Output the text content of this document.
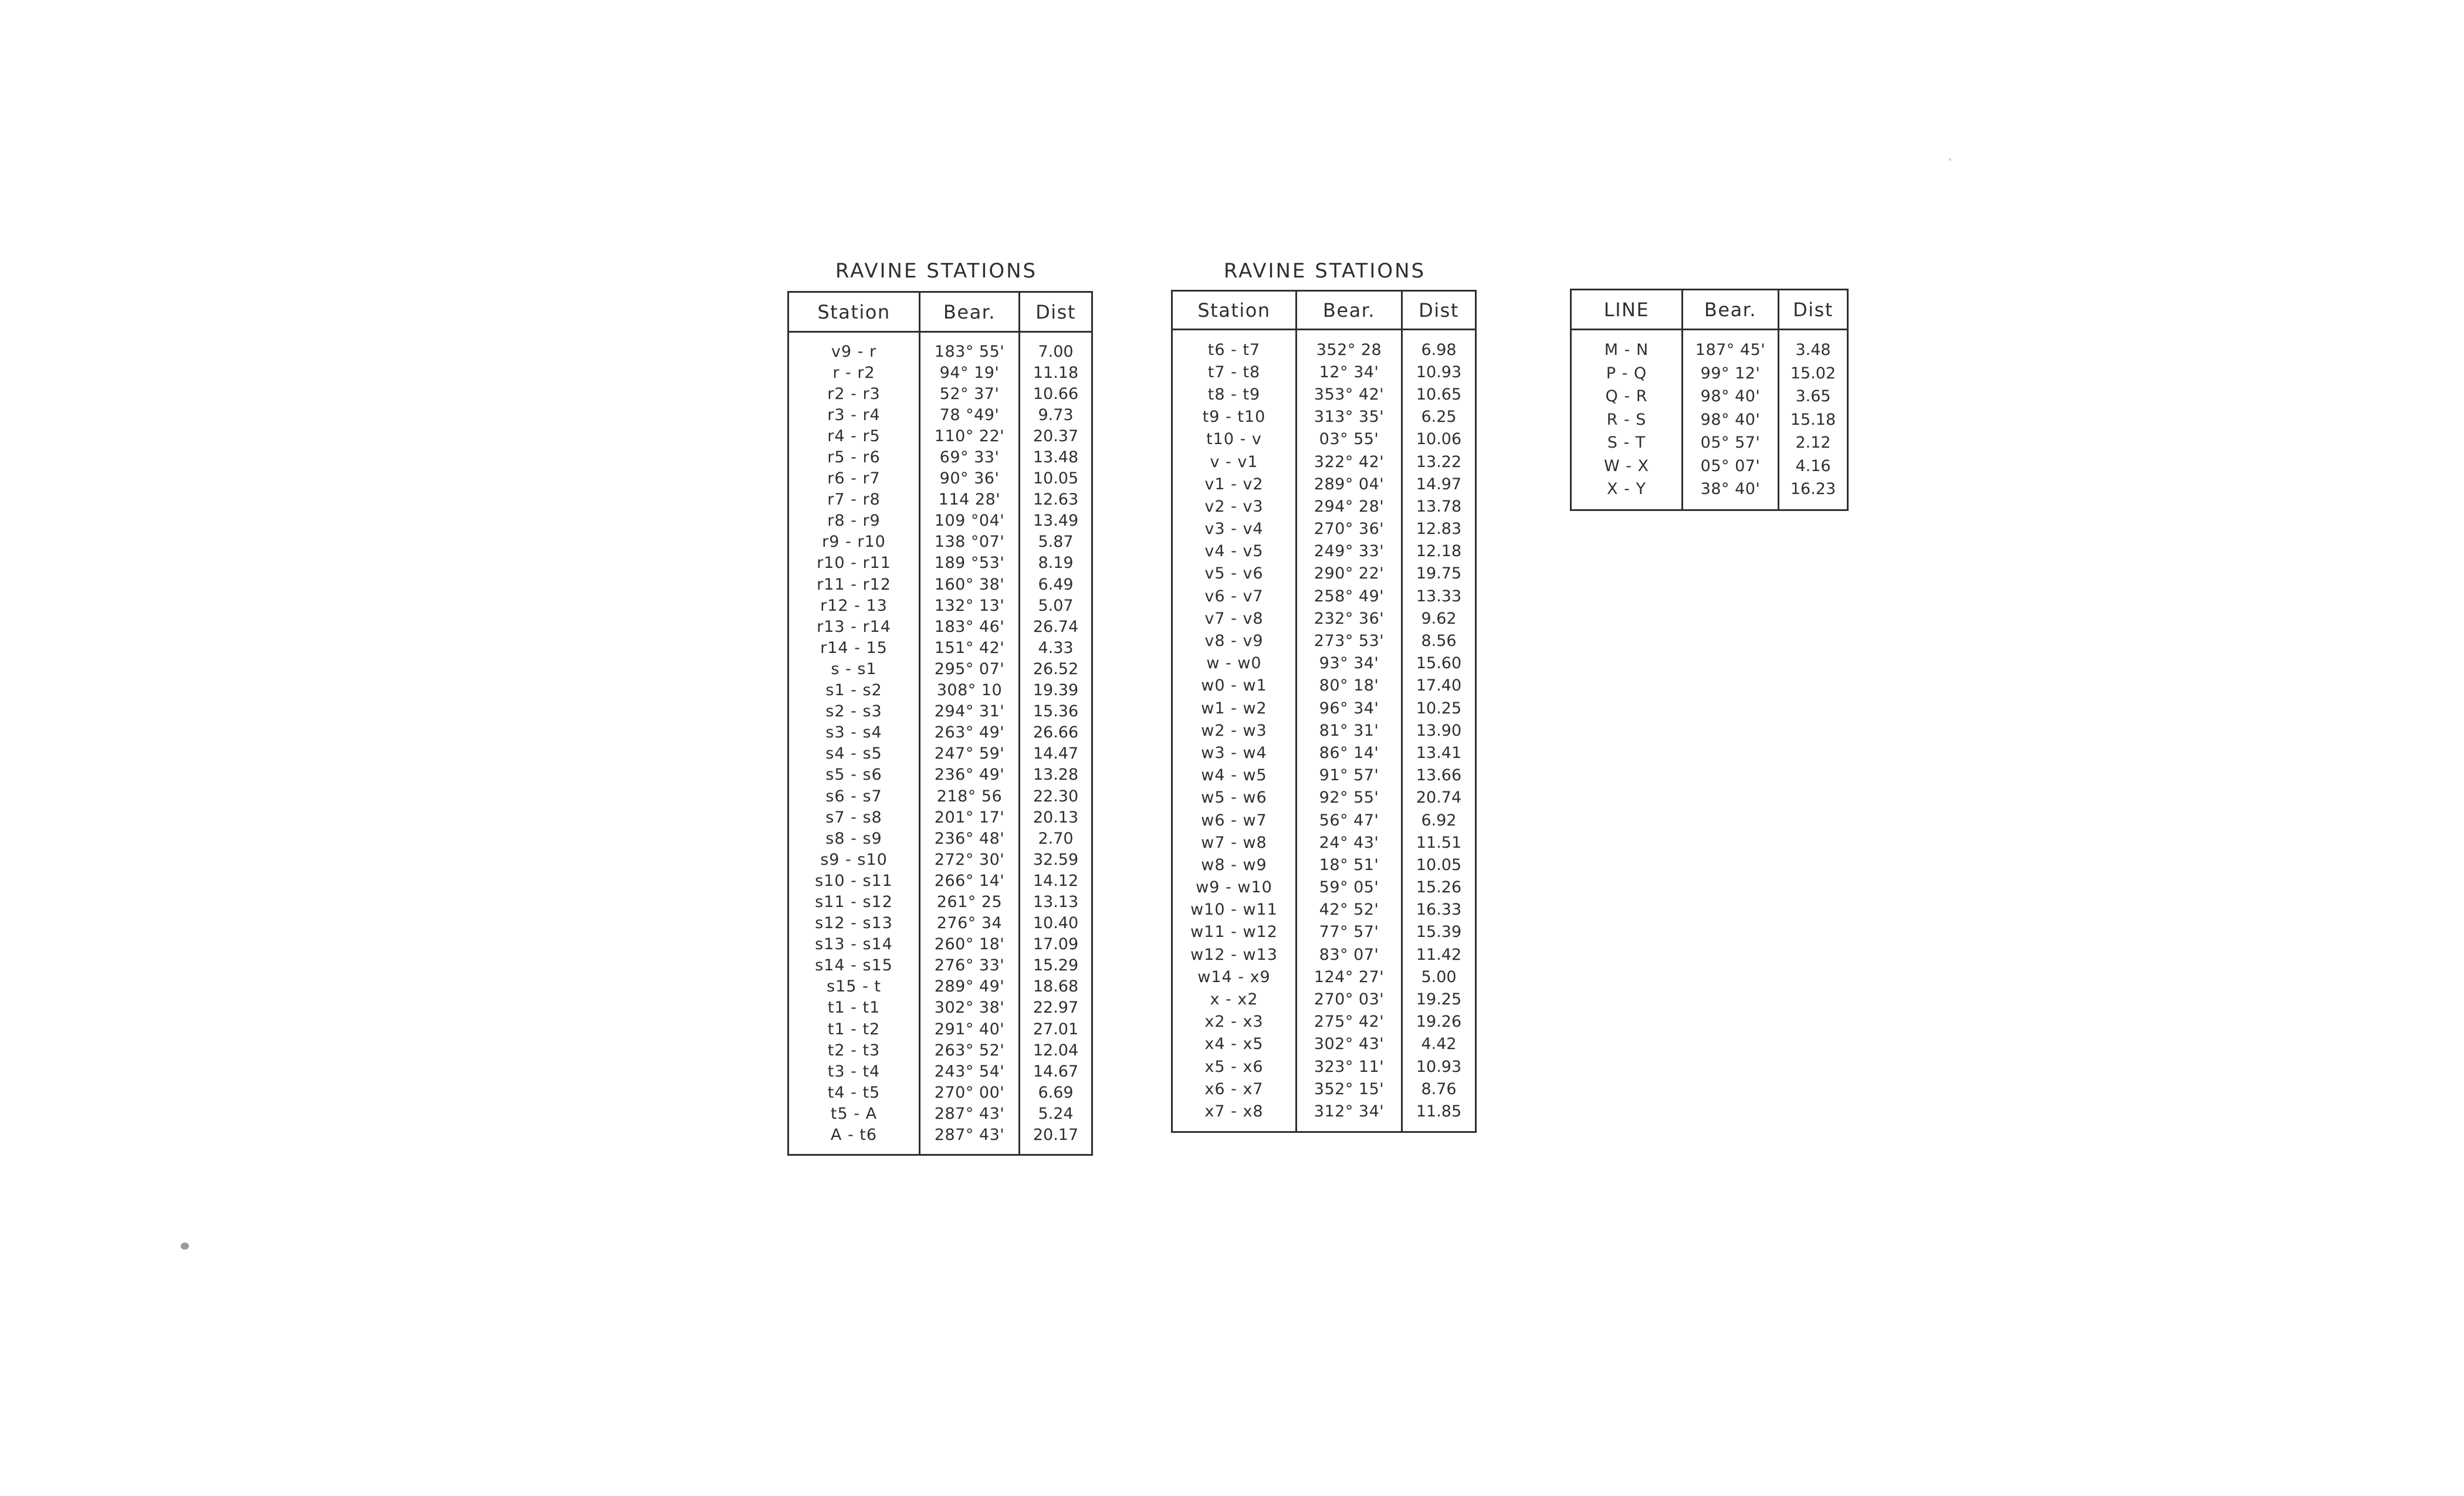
RAVINE STATIONS
Station	Bear.	Dist

v9 - r	183° 55'	7.00
r - r2	94° 19'	11.18
r2 - r3	52° 37'	10.66
r3 - r4	78 °49'	9.73
r4 - r5	110° 22'	20.37
r5 - r6	69° 33'	13.48
r6 - r7	90° 36'	10.05
r7 - r8	114 28'	12.63
r8 - r9	109 °04'	13.49
r9 - r10	138 °07'	5.87
r10 - r11	189 °53'	8.19
r11 - r12	160° 38'	6.49
r12 - 13	132° 13'	5.07
r13 - r14	183° 46'	26.74
r14 - 15	151° 42'	4.33
s - s1	295° 07'	26.52
s1 - s2	308° 10	19.39
s2 - s3	294° 31'	15.36
s3 - s4	263° 49'	26.66
s4 - s5	247° 59'	14.47
s5 - s6	236° 49'	13.28
s6 - s7	218° 56	22.30
s7 - s8	201° 17'	20.13
s8 - s9	236° 48'	2.70
s9 - s10	272° 30'	32.59
s10 - s11	266° 14'	14.12
s11 - s12	261° 25	13.13
s12 - s13	276° 34	10.40
s13 - s14	260° 18'	17.09
s14 - s15	276° 33'	15.29
s15 - t	289° 49'	18.68
t1 - t1	302° 38'	22.97
t1 - t2	291° 40'	27.01
t2 - t3	263° 52'	12.04
t3 - t4	243° 54'	14.67
t4 - t5	270° 00'	6.69
t5 - A	287° 43'	5.24
A - t6	287° 43'	20.17

RAVINE STATIONS
Station	Bear.	Dist

t6 - t7	352° 28	6.98
t7 - t8	12° 34'	10.93
t8 - t9	353° 42'	10.65
t9 - t10	313° 35'	6.25
t10 - v	03° 55'	10.06
v - v1	322° 42'	13.22
v1 - v2	289° 04'	14.97
v2 - v3	294° 28'	13.78
v3 - v4	270° 36'	12.83
v4 - v5	249° 33'	12.18
v5 - v6	290° 22'	19.75
v6 - v7	258° 49'	13.33
v7 - v8	232° 36'	9.62
v8 - v9	273° 53'	8.56
w - w0	93° 34'	15.60
w0 - w1	80° 18'	17.40
w1 - w2	96° 34'	10.25
w2 - w3	81° 31'	13.90
w3 - w4	86° 14'	13.41
w4 - w5	91° 57'	13.66
w5 - w6	92° 55'	20.74
w6 - w7	56° 47'	6.92
w7 - w8	24° 43'	11.51
w8 - w9	18° 51'	10.05
w9 - w10	59° 05'	15.26
w10 - w11	42° 52'	16.33
w11 - w12	77° 57'	15.39
w12 - w13	83° 07'	11.42
w14 - x9	124° 27'	5.00
x - x2	270° 03'	19.25
x2 - x3	275° 42'	19.26
x4 - x5	302° 43'	4.42
x5 - x6	323° 11'	10.93
x6 - x7	352° 15'	8.76
x7 - x8	312° 34'	11.85

LINE	Bear.	Dist

M - N	187° 45'	3.48
P - Q	99° 12'	15.02
Q - R	98° 40'	3.65
R - S	98° 40'	15.18
S - T	05° 57'	2.12
W - X	05° 07'	4.16
X - Y	38° 40'	16.23
